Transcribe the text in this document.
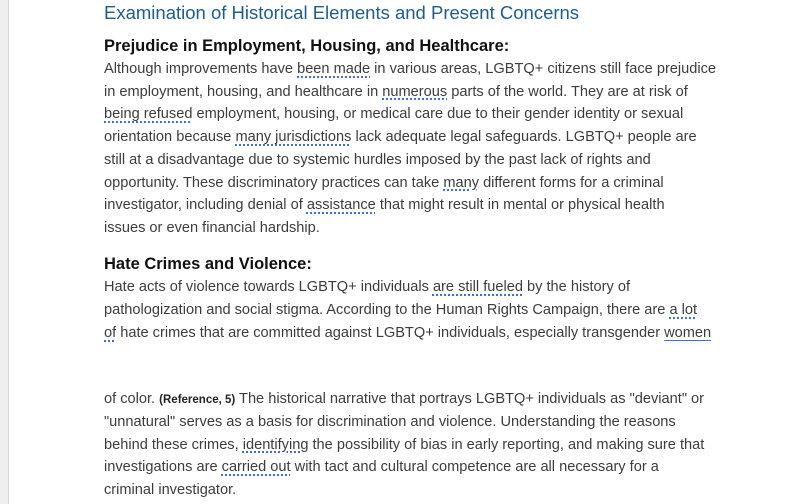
Examination of Historical Elements and Present Concerns
Prejudice in Employment, Housing, and Healthcare:
Although improvements have been made in various areas, LGBTQ+ citizens still face prejudice
in employment, housing, and healthcare in numerous parts of the world. They are at risk of
being refused employment, housing, or medical care due to their gender identity or sexual
orientation because many jurisdictions lack adequate legal safeguards. LGBTQ+ people are
still at a disadvantage due to systemic hurdles imposed by the past lack of rights and
opportunity. These discriminatory practices can take many different forms for a criminal
investigator, including denial of assistance that might result in mental or physical health
issues or even financial hardship.
Hate Crimes and Violence:
Hate acts of violence towards LGBTQ+ individuals are still fueled by the history of
pathologization and social stigma. According to the Human Rights Campaign, there are a lot
of hate crimes that are committed against LGBTQ+ individuals, especially transgender women
of color. (Reference, 5) The historical narrative that portrays LGBTQ+ individuals as "deviant" or
"unnatural" serves as a basis for discrimination and violence. Understanding the reasons
behind these crimes, identifying the possibility of bias in early reporting, and making sure that
investigations are carried out with tact and cultural competence are all necessary for a
criminal investigator.
